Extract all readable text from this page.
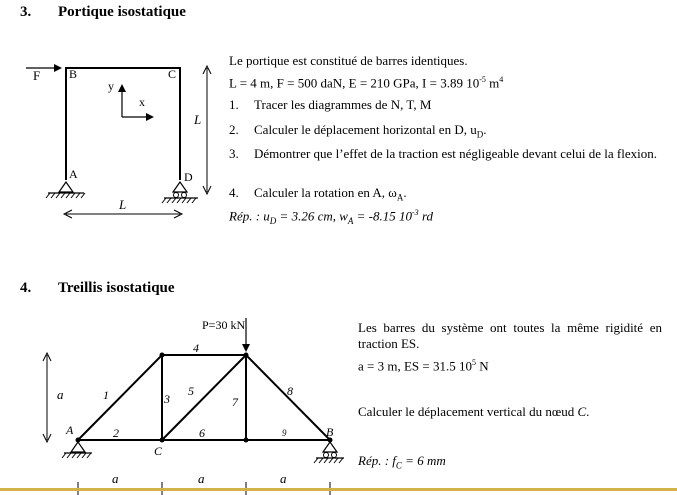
3. Portique isostatique
F B	C
A	D
y
x
L
L
P=30 kN
A	B
C
1
2
3
4
5
6
7
8
9
a
a	a	a
Le portique est constitué de barres identiques.
L = 4 m, F = 500 daN, E = 210 GPa, I = 3.89 $10^{-5}$ $m^4$
1. Tracer les diagrammes de N, T, M
2. Calculer le déplacement horizontal en D, $u_D$.
3. Démontrer que l’effet de la traction est négligeable devant celui de la flexion.
4. Calculer la rotation en A, $\omega_A$.
Rép. : $u_D = 3.26$ cm, $w_A = -8.15$ $10^{-3}$ rd
4. Treillis isostatique
Les barres du système ont toutes la même rigidité en traction ES.
a = 3 m, ES = 31.5 $10^5$ N
Calculer le déplacement vertical du nœud C.
Rép. : $f_C = 6$ mm
